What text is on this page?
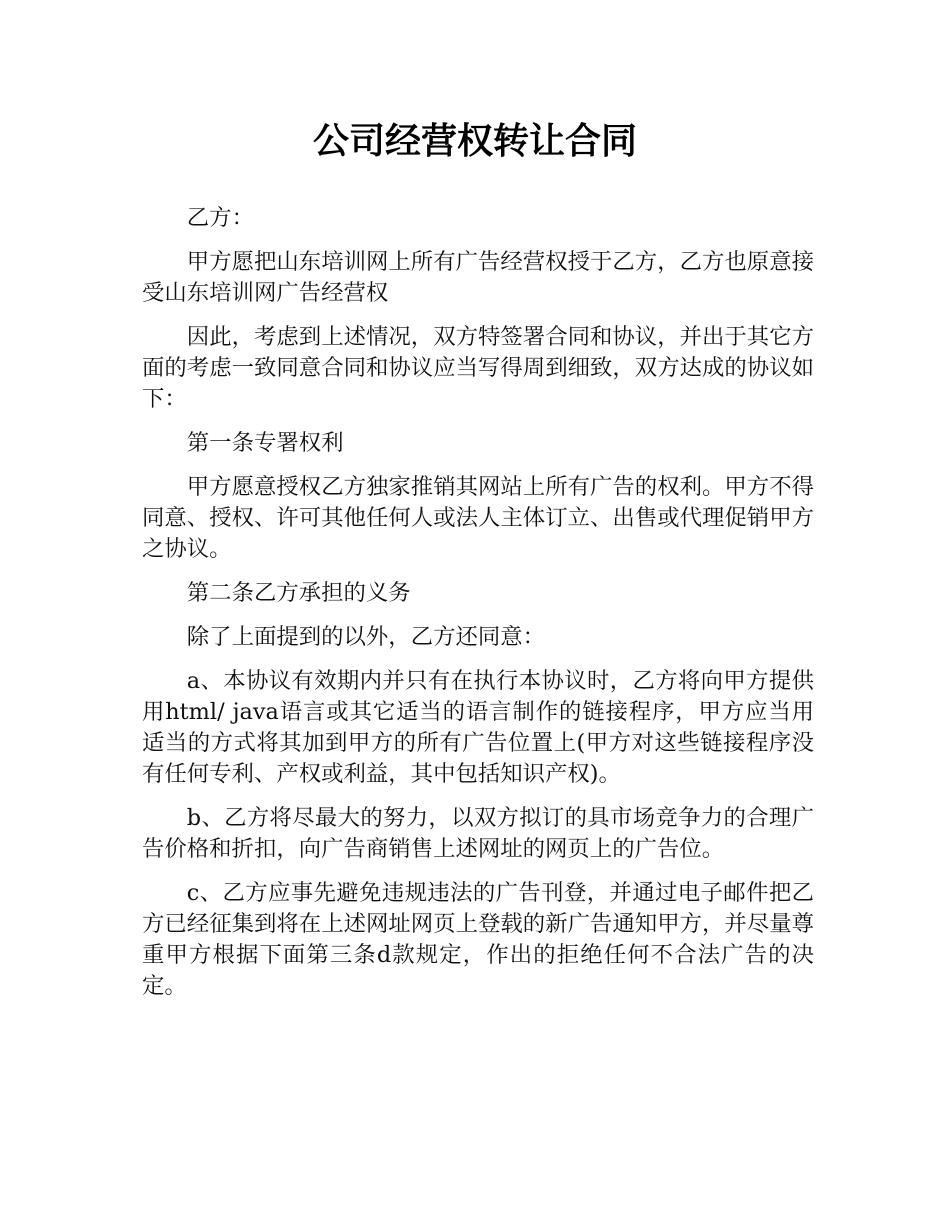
公司经营权转让合同

乙方：

甲方愿把山东培训网上所有广告经营权授于乙方，乙方也原意接受山东培训网广告经营权

因此，考虑到上述情况，双方特签署合同和协议，并出于其它方面的考虑一致同意合同和协议应当写得周到细致，双方达成的协议如下：

第一条专署权利

甲方愿意授权乙方独家推销其网站上所有广告的权利。甲方不得同意、授权、许可其他任何人或法人主体订立、出售或代理促销甲方之协议。

第二条乙方承担的义务

除了上面提到的以外，乙方还同意：

a、本协议有效期内并只有在执行本协议时，乙方将向甲方提供用html/ java语言或其它适当的语言制作的链接程序，甲方应当用适当的方式将其加到甲方的所有广告位置上(甲方对这些链接程序没有任何专利、产权或利益，其中包括知识产权)。

b、乙方将尽最大的努力，以双方拟订的具市场竞争力的合理广告价格和折扣，向广告商销售上述网址的网页上的广告位。

c、乙方应事先避免违规违法的广告刊登，并通过电子邮件把乙方已经征集到将在上述网址网页上登载的新广告通知甲方，并尽量尊重甲方根据下面第三条d款规定，作出的拒绝任何不合法广告的决定。
